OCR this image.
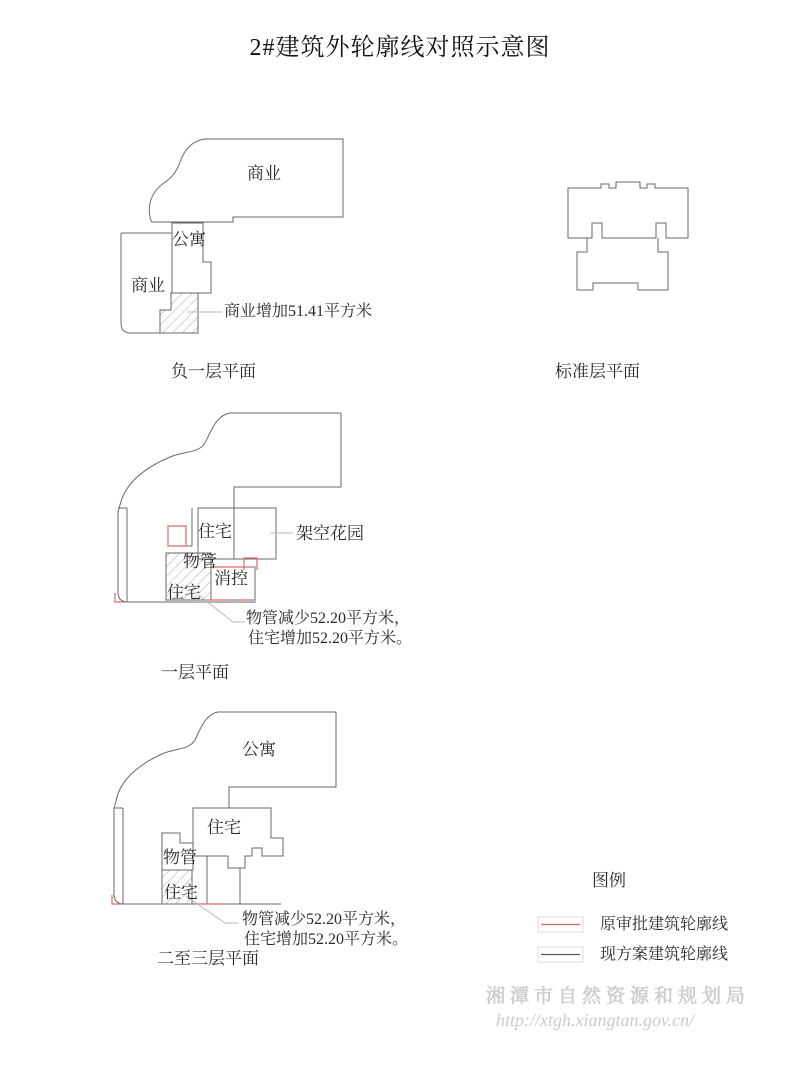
2#建筑外轮廓线对照示意图
商业
公寓
商业
商业增加51.41平方米
负一层平面	标准层平面
住宅	架空花园
物管
消控
住宅
物管减少52.20平方米，
住宅增加52.20平方米。
一层平面
公寓
住宅
物管
住宅
物管减少52.20平方米，
住宅增加52.20平方米。
二至三层平面
图例
原审批建筑轮廓线
现方案建筑轮廓线
湘潭市自然资源和规划局
http://xtgh.xiangtan.gov.cn/
